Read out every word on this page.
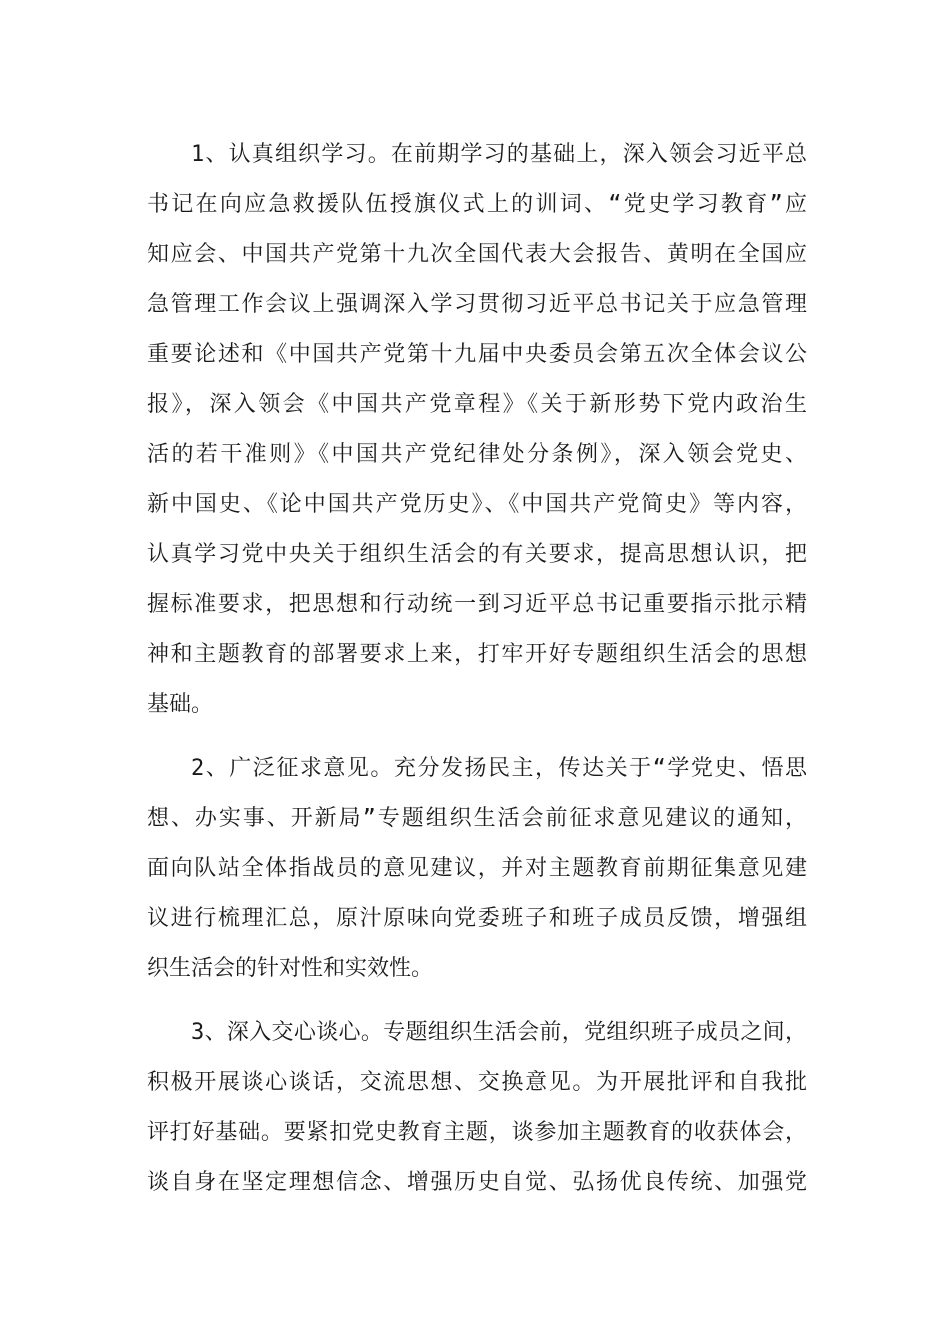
1、认真组织学习。在前期学习的基础上，深入领会习近平总
书记在向应急救援队伍授旗仪式上的训词、“党史学习教育”应
知应会、中国共产党第十九次全国代表大会报告、黄明在全国应
急管理工作会议上强调深入学习贯彻习近平总书记关于应急管理
重要论述和《中国共产党第十九届中央委员会第五次全体会议公
报》，深入领会《中国共产党章程》《关于新形势下党内政治生
活的若干准则》《中国共产党纪律处分条例》，深入领会党史、
新中国史、《论中国共产党历史》、《中国共产党简史》等内容，
认真学习党中央关于组织生活会的有关要求，提高思想认识，把
握标准要求，把思想和行动统一到习近平总书记重要指示批示精
神和主题教育的部署要求上来，打牢开好专题组织生活会的思想
基础。
2、广泛征求意见。充分发扬民主，传达关于“学党史、悟思
想、办实事、开新局”专题组织生活会前征求意见建议的通知，
面向队站全体指战员的意见建议，并对主题教育前期征集意见建
议进行梳理汇总，原汁原味向党委班子和班子成员反馈，增强组
织生活会的针对性和实效性。
3、深入交心谈心。专题组织生活会前，党组织班子成员之间，
积极开展谈心谈话，交流思想、交换意见。为开展批评和自我批
评打好基础。要紧扣党史教育主题，谈参加主题教育的收获体会，
谈自身在坚定理想信念、增强历史自觉、弘扬优良传统、加强党
